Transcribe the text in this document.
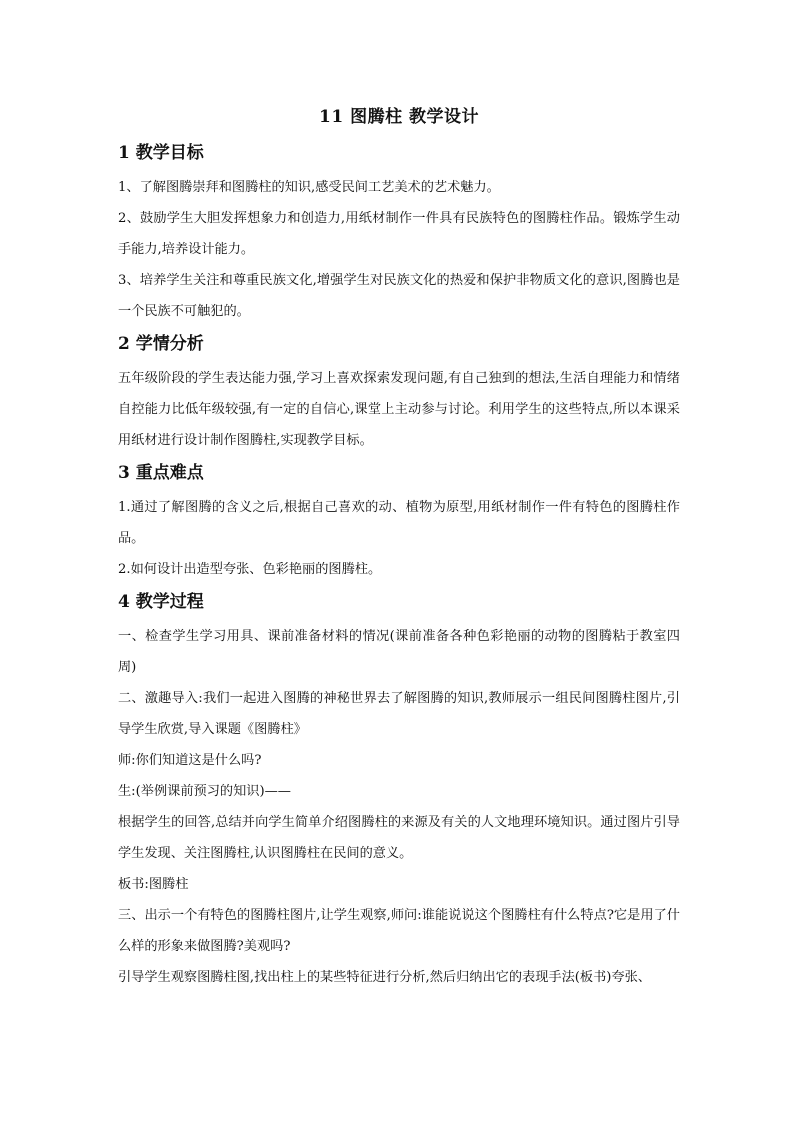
11 图腾柱 教学设计
1 教学目标

1、了解图腾崇拜和图腾柱的知识,感受民间工艺美术的艺术魅力。

2、鼓励学生大胆发挥想象力和创造力,用纸材制作一件具有民族特色的图腾柱作品。锻炼学生动手能力,培养设计能力。

3、培养学生关注和尊重民族文化,增强学生对民族文化的热爱和保护非物质文化的意识,图腾也是一个民族不可触犯的。

2 学情分析

五年级阶段的学生表达能力强,学习上喜欢探索发现问题,有自己独到的想法,生活自理能力和情绪自控能力比低年级较强,有一定的自信心,课堂上主动参与讨论。利用学生的这些特点,所以本课采用纸材进行设计制作图腾柱,实现教学目标。

3 重点难点

1.通过了解图腾的含义之后,根据自己喜欢的动、植物为原型,用纸材制作一件有特色的图腾柱作品。

2.如何设计出造型夸张、色彩艳丽的图腾柱。

4 教学过程

一、检查学生学习用具、课前准备材料的情况(课前准备各种色彩艳丽的动物的图腾粘于教室四周)

二、激趣导入:我们一起进入图腾的神秘世界去了解图腾的知识,教师展示一组民间图腾柱图片,引导学生欣赏,导入课题《图腾柱》

师:你们知道这是什么吗?

生:(举例课前预习的知识)——

根据学生的回答,总结并向学生简单介绍图腾柱的来源及有关的人文地理环境知识。通过图片引导学生发现、关注图腾柱,认识图腾柱在民间的意义。

板书:图腾柱

三、出示一个有特色的图腾柱图片,让学生观察,师问:谁能说说这个图腾柱有什么特点?它是用了什么样的形象来做图腾?美观吗?

引导学生观察图腾柱图,找出柱上的某些特征进行分析,然后归纳出它的表现手法(板书)夸张、
